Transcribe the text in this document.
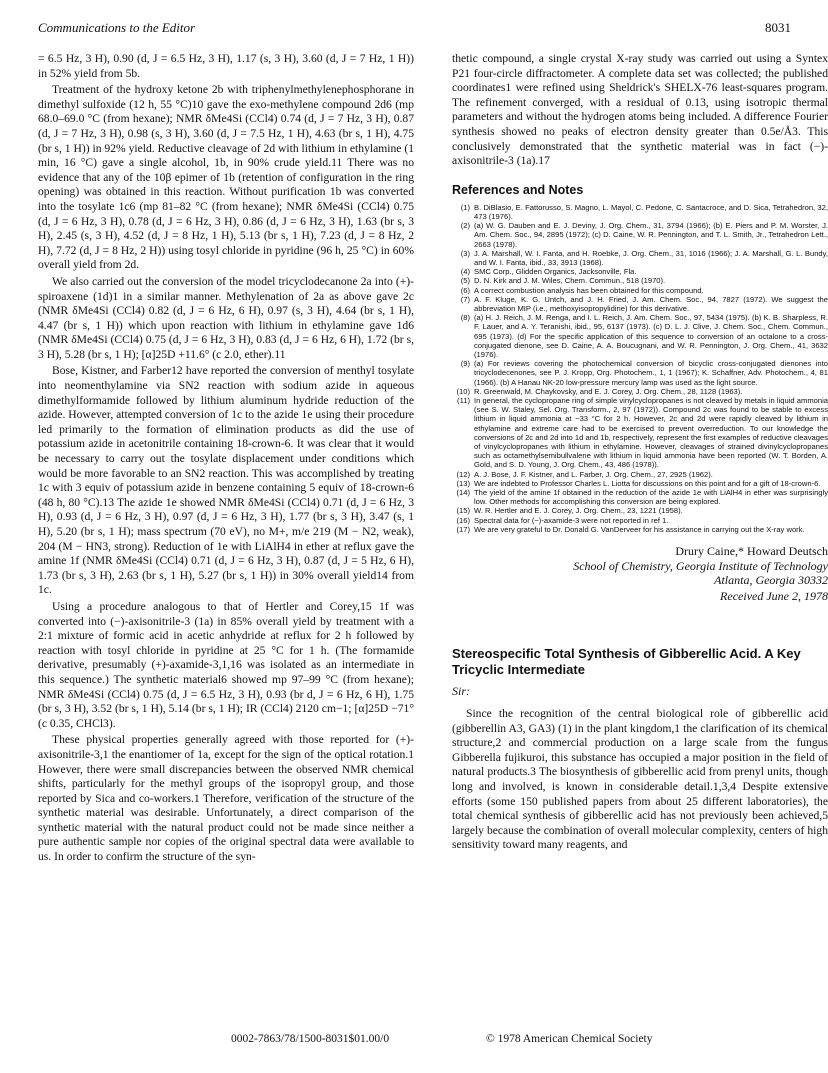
Communications to the Editor	8031

= 6.5 Hz, 3 H), 0.90 (d, J = 6.5 Hz, 3 H), 1.17 (s, 3 H), 3.60 (d, J = 7 Hz, 1 H)) in 52% yield from 5b.

Treatment of the hydroxy ketone 2b with triphenylmethylenephosphorane in dimethyl sulfoxide (12 h, 55 °C)10 gave the exo-methylene compound 2d6 (mp 68.0–69.0 °C (from hexane); NMR δMe4Si (CCl4) 0.74 (d, J = 7 Hz, 3 H), 0.87 (d, J = 7 Hz, 3 H), 0.98 (s, 3 H), 3.60 (d, J = 7.5 Hz, 1 H), 4.63 (br s, 1 H), 4.75 (br s, 1 H)) in 92% yield. Reductive cleavage of 2d with lithium in ethylamine (1 min, 16 °C) gave a single alcohol, 1b, in 90% crude yield.11 There was no evidence that any of the 10β epimer of 1b (retention of configuration in the ring opening) was obtained in this reaction. Without purification 1b was converted into the tosylate 1c6 (mp 81–82 °C (from hexane); NMR δMe4Si (CCl4) 0.75 (d, J = 6 Hz, 3 H), 0.78 (d, J = 6 Hz, 3 H), 0.86 (d, J = 6 Hz, 3 H), 1.63 (br s, 3 H), 2.45 (s, 3 H), 4.52 (d, J = 8 Hz, 1 H), 5.13 (br s, 1 H), 7.23 (d, J = 8 Hz, 2 H), 7.72 (d, J = 8 Hz, 2 H)) using tosyl chloride in pyridine (96 h, 25 °C) in 60% overall yield from 2d.

We also carried out the conversion of the model tricyclodecanone 2a into (+)-spiroaxene (1d)1 in a similar manner. Methylenation of 2a as above gave 2c (NMR δMe4Si (CCl4) 0.82 (d, J = 6 Hz, 6 H), 0.97 (s, 3 H), 4.64 (br s, 1 H), 4.47 (br s, 1 H)) which upon reaction with lithium in ethylamine gave 1d6 (NMR δMe4Si (CCl4) 0.75 (d, J = 6 Hz, 3 H), 0.83 (d, J = 6 Hz, 6 H), 1.72 (br s, 3 H), 5.28 (br s, 1 H); [α]25D +11.6° (c 2.0, ether).11

Bose, Kistner, and Farber12 have reported the conversion of menthyl tosylate into neomenthylamine via SN2 reaction with sodium azide in aqueous dimethylformamide followed by lithium aluminum hydride reduction of the azide. However, attempted conversion of 1c to the azide 1e using their procedure led primarily to the formation of elimination products as did the use of potassium azide in acetonitrile containing 18-crown-6. It was clear that it would be necessary to carry out the tosylate displacement under conditions which would be more favorable to an SN2 reaction. This was accomplished by treating 1c with 3 equiv of potassium azide in benzene containing 5 equiv of 18-crown-6 (48 h, 80 °C).13 The azide 1e showed NMR δMe4Si (CCl4) 0.71 (d, J = 6 Hz, 3 H), 0.93 (d, J = 6 Hz, 3 H), 0.97 (d, J = 6 Hz, 3 H), 1.77 (br s, 3 H), 3.47 (s, 1 H), 5.20 (br s, 1 H); mass spectrum (70 eV), no M+, m/e 219 (M − N2, weak), 204 (M − HN3, strong). Reduction of 1e with LiAlH4 in ether at reflux gave the amine 1f (NMR δMe4Si (CCl4) 0.71 (d, J = 6 Hz, 3 H), 0.87 (d, J = 5 Hz, 6 H), 1.73 (br s, 3 H), 2.63 (br s, 1 H), 5.27 (br s, 1 H)) in 30% overall yield14 from 1c.

Using a procedure analogous to that of Hertler and Corey,15 1f was converted into (−)-axisonitrile-3 (1a) in 85% overall yield by treatment with a 2:1 mixture of formic acid in acetic anhydride at reflux for 2 h followed by reaction with tosyl chloride in pyridine at 25 °C for 1 h. (The formamide derivative, presumably (+)-axamide-3,1,16 was isolated as an intermediate in this sequence.) The synthetic material6 showed mp 97–99 °C (from hexane); NMR δMe4Si (CCl4) 0.75 (d, J = 6.5 Hz, 3 H), 0.93 (br d, J = 6 Hz, 6 H), 1.75 (br s, 3 H), 3.52 (br s, 1 H), 5.14 (br s, 1 H); IR (CCl4) 2120 cm−1; [α]25D −71° (c 0.35, CHCl3).

These physical properties generally agreed with those reported for (+)-axisonitrile-3,1 the enantiomer of 1a, except for the sign of the optical rotation.1 However, there were small discrepancies between the observed NMR chemical shifts, particularly for the methyl groups of the isopropyl group, and those reported by Sica and co-workers.1 Therefore, verification of the structure of the synthetic material was desirable. Unfortunately, a direct comparison of the synthetic material with the natural product could not be made since neither a pure authentic sample nor copies of the original spectral data were available to us. In order to confirm the structure of the syn-

thetic compound, a single crystal X-ray study was carried out using a Syntex P21 four-circle diffractometer. A complete data set was collected; the published coordinates1 were refined using Sheldrick's SHELX-76 least-squares program. The refinement converged, with a residual of 0.13, using isotropic thermal parameters and without the hydrogen atoms being included. A difference Fourier synthesis showed no peaks of electron density greater than 0.5e/Å3. This conclusively demonstrated that the synthetic material was in fact (−)-axisonitrile-3 (1a).17

References and Notes
(1) B. DiBlasio, E. Fattorusso, S. Magno, L. Mayol, C. Pedone, C. Santacroce, and D. Sica, Tetrahedron, 32, 473 (1976).
(2) (a) W. G. Dauben and E. J. Deviny, J. Org. Chem., 31, 3794 (1966); (b) E. Piers and P. M. Worster, J. Am. Chem. Soc., 94, 2895 (1972); (c) D. Caine, W. R. Pennington, and T. L. Smith, Jr., Tetrahedron Lett., 2663 (1978).
(3) J. A. Marshall, W. I. Fanta, and H. Roebke, J. Org. Chem., 31, 1016 (1966); J. A. Marshall, G. L. Bundy, and W. I. Fanta, ibid., 33, 3913 (1968).
(4) SMC Corp., Glidden Organics, Jacksonville, Fla.
(5) D. N. Kirk and J. M. Wiles, Chem. Commun., 518 (1970).
(6) A correct combustion analysis has been obtained for this compound.
(7) A. F. Kluge, K. G. Untch, and J. H. Fried, J. Am. Chem. Soc., 94, 7827 (1972). We suggest the abbreviation MIP (i.e., methoxyisopropylidine) for this derivative.
(8) (a) H. J. Reich, J. M. Renga, and I. L. Reich, J. Am. Chem. Soc., 97, 5434 (1975). (b) K. B. Sharpless, R. F. Lauer, and A. Y. Teranishi, ibid., 95, 6137 (1973). (c) D. L. J. Clive, J. Chem. Soc., Chem. Commun., 695 (1973). (d) For the specific application of this sequence to conversion of an octalone to a cross-conjugated dienone, see D. Caine, A. A. Boucugnani, and W. R. Pennington, J. Org. Chem., 41, 3632 (1976).
(9) (a) For reviews covering the photochemical conversion of bicyclic cross-conjugated dienones into tricyclodecenones, see P. J. Kropp, Org. Photochem., 1, 1 (1967); K. Schaffner, Adv. Photochem., 4, 81 (1966). (b) A Hanau NK-20 low-pressure mercury lamp was used as the light source.
(10) R. Greenwald, M. Chaykovsky, and E. J. Corey, J. Org. Chem., 28, 1128 (1963).
(11) In general, the cyclopropane ring of simple vinylcyclopropanes is not cleaved by metals in liquid ammonia (see S. W. Staley, Sel. Org. Transform., 2, 97 (1972)). Compound 2c was found to be stable to excess lithium in liquid ammonia at −33 °C for 2 h. However, 2c and 2d were rapidly cleaved by lithium in ethylamine and extreme care had to be exercised to prevent overreduction. To our knowledge the conversions of 2c and 2d into 1d and 1b, respectively, represent the first examples of reductive cleavages of vinylcyclopropanes with lithium in ethylamine. However, cleavages of strained divinylcyclopropanes such as octamethylsemibullvalene with lithium in liquid ammonia have been reported (W. T. Borden, A. Gold, and S. D. Young, J. Org. Chem., 43, 486 (1978)).
(12) A. J. Bose, J. F. Kistner, and L. Farber, J. Org. Chem., 27, 2925 (1962).
(13) We are indebted to Professor Charles L. Liotta for discussions on this point and for a gift of 18-crown-6.
(14) The yield of the amine 1f obtained in the reduction of the azide 1e with LiAlH4 in ether was surprisingly low. Other methods for accomplishing this conversion are being explored.
(15) W. R. Hertler and E. J. Corey, J. Org. Chem., 23, 1221 (1958).
(16) Spectral data for (−)-axamide-3 were not reported in ref 1.
(17) We are very grateful to Dr. Donald G. VanDerveer for his assistance in carrying out the X-ray work.
Drury Caine,* Howard Deutsch
School of Chemistry, Georgia Institute of Technology
Atlanta, Georgia 30332
Received June 2, 1978
Stereospecific Total Synthesis of Gibberellic Acid. A Key Tricyclic Intermediate
Sir:

Since the recognition of the central biological role of gibberellic acid (gibberellin A3, GA3) (1) in the plant kingdom,1 the clarification of its chemical structure,2 and commercial production on a large scale from the fungus Gibberella fujikuroi, this substance has occupied a major position in the field of natural products.3 The biosynthesis of gibberellic acid from prenyl units, though long and involved, is known in considerable detail.1,3,4 Despite extensive efforts (some 150 published papers from about 25 different laboratories), the total chemical synthesis of gibberellic acid has not previously been achieved,5 largely because the combination of overall molecular complexity, centers of high sensitivity toward many reagents, and

0002-7863/78/1500-8031$01.00/0	© 1978 American Chemical Society
